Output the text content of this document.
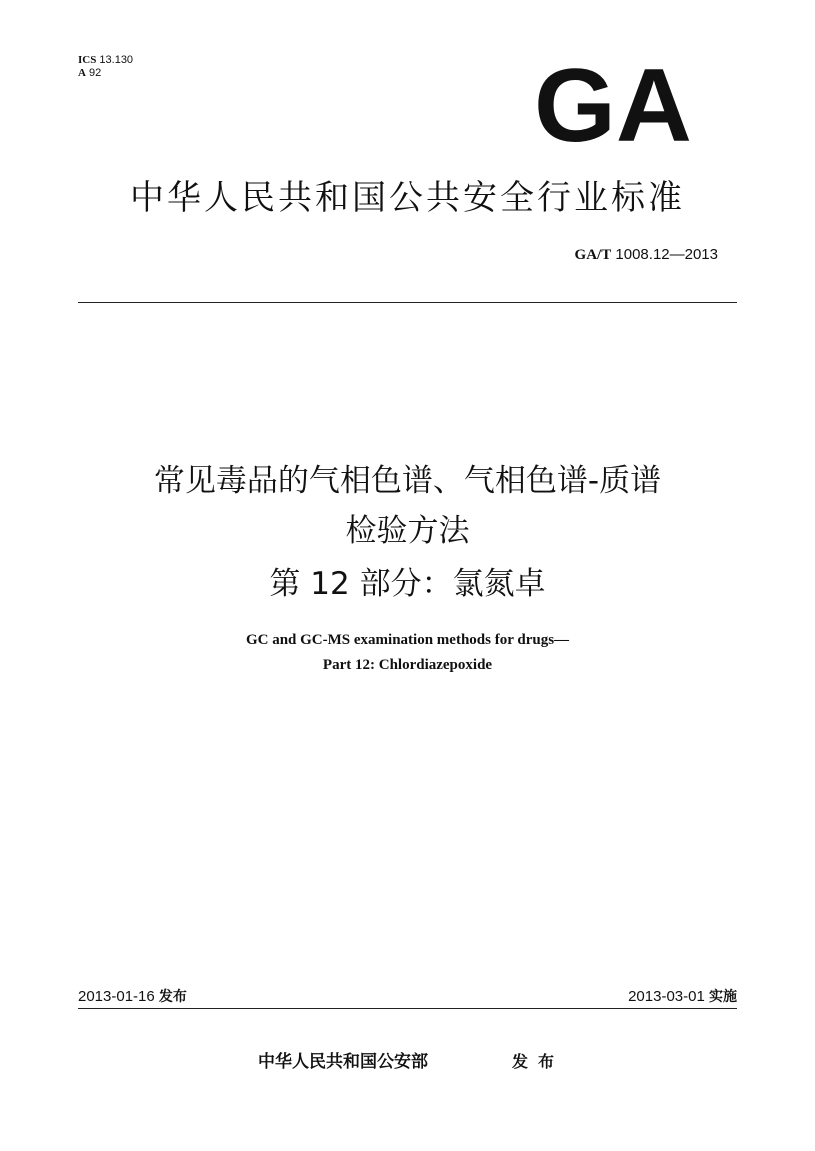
ICS 13.130
A 92	GA
中华人民共和国公共安全行业标准
GA/T 1008.12—2013
常见毒品的气相色谱、气相色谱-质谱
检验方法
第 12 部分：氯氮卓
GC and GC-MS examination methods for drugs—
Part 12: Chlordiazepoxide
2013-01-16 发布	2013-03-01 实施
中华人民共和国公安部	发布
